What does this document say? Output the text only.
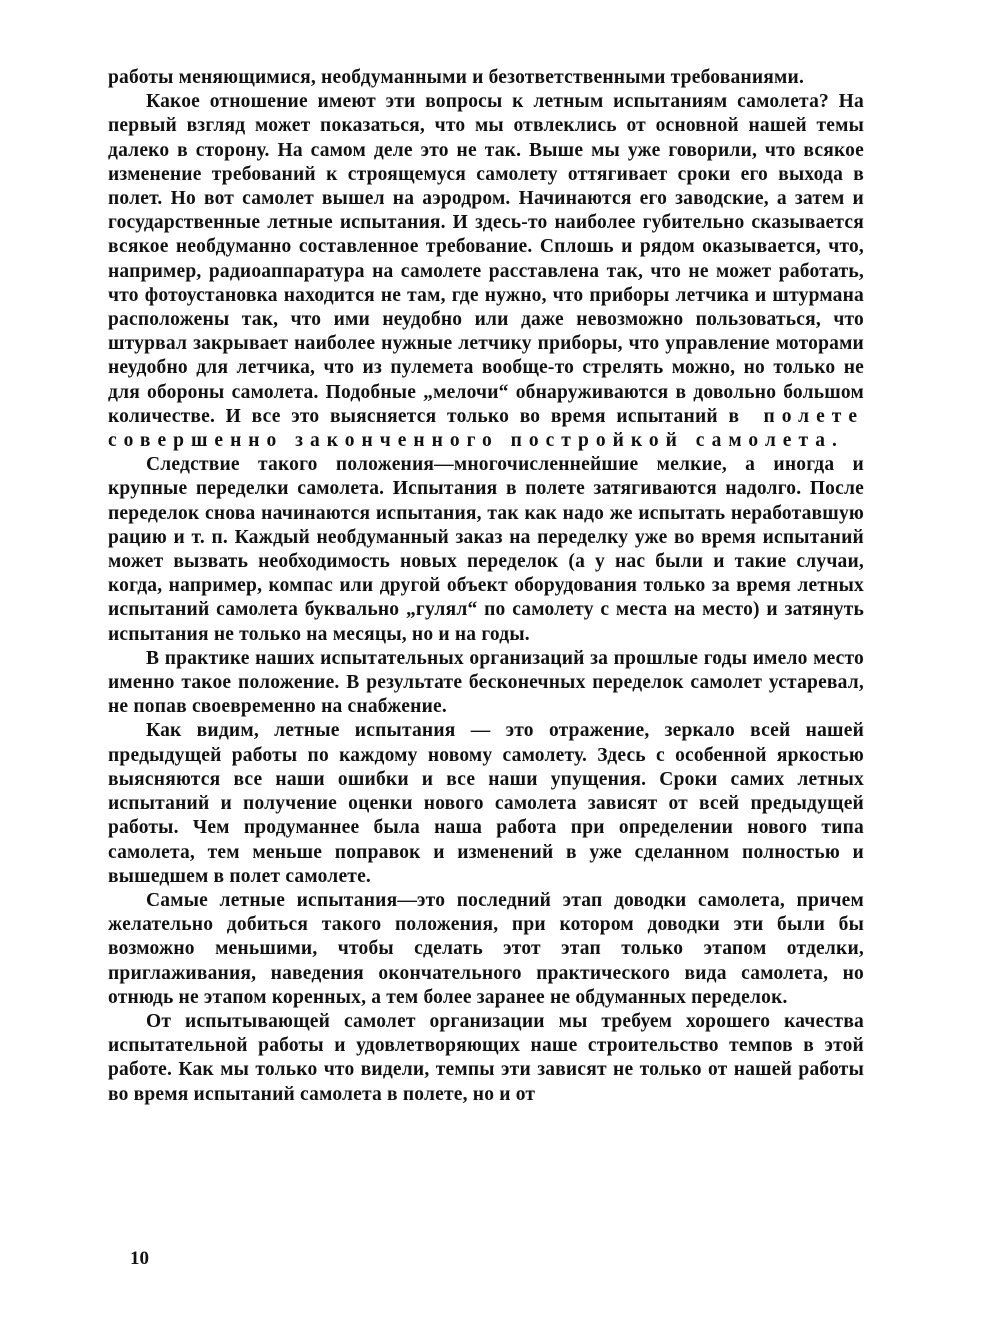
работы меняющимися, необдуманными и безответственными требованиями.

Какое отношение имеют эти вопросы к летным испытаниям самолета? На первый взгляд может показаться, что мы отвлеклись от основной нашей темы далеко в сторону. На самом деле это не так. Выше мы уже говорили, что всякое изменение требований к строящемуся самолету оттягивает сроки его выхода в полет. Но вот самолет вышел на аэродром. Начинаются его заводские, а затем и государственные летные испытания. И здесь-то наиболее губительно сказывается всякое необдуманно составленное требование. Сплошь и рядом оказывается, что, например, радиоаппаратура на самолете расставлена так, что не может работать, что фотоустановка находится не там, где нужно, что приборы летчика и штурмана расположены так, что ими неудобно или даже невозможно пользоваться, что штурвал закрывает наиболее нужные летчику приборы, что управление моторами неудобно для летчика, что из пулемета вообще-то стрелять можно, но только не для обороны самолета. Подобные „мелочи“ обнаруживаются в довольно большом количестве. И все это выясняется только во время испытаний в полете совершенно законченного постройкой самолета.

Следствие такого положения—многочисленнейшие мелкие, а иногда и крупные переделки самолета. Испытания в полете затягиваются надолго. После переделок снова начинаются испытания, так как надо же испытать неработавшую рацию и т. п. Каждый необдуманный заказ на переделку уже во время испытаний может вызвать необходимость новых переделок (а у нас были и такие случаи, когда, например, компас или другой объект оборудования только за время летных испытаний самолета буквально „гулял“ по самолету с места на место) и затянуть испытания не только на месяцы, но и на годы.

В практике наших испытательных организаций за прошлые годы имело место именно такое положение. В результате бесконечных переделок самолет устаревал, не попав своевременно на снабжение.

Как видим, летные испытания — это отражение, зеркало всей нашей предыдущей работы по каждому новому самолету. Здесь с особенной яркостью выясняются все наши ошибки и все наши упущения. Сроки самих летных испытаний и получение оценки нового самолета зависят от всей предыдущей работы. Чем продуманнее была наша работа при определении нового типа самолета, тем меньше поправок и изменений в уже сделанном полностью и вышедшем в полет самолете.

Самые летные испытания—это последний этап доводки самолета, причем желательно добиться такого положения, при котором доводки эти были бы возможно меньшими, чтобы сделать этот этап только этапом отделки, приглаживания, наведения окончательного практического вида самолета, но отнюдь не этапом коренных, а тем более заранее не обдуманных переделок.

От испытывающей самолет организации мы требуем хорошего качества испытательной работы и удовлетворяющих наше строительство темпов в этой работе. Как мы только что видели, темпы эти зависят не только от нашей работы во время испытаний самолета в полете, но и от

10
